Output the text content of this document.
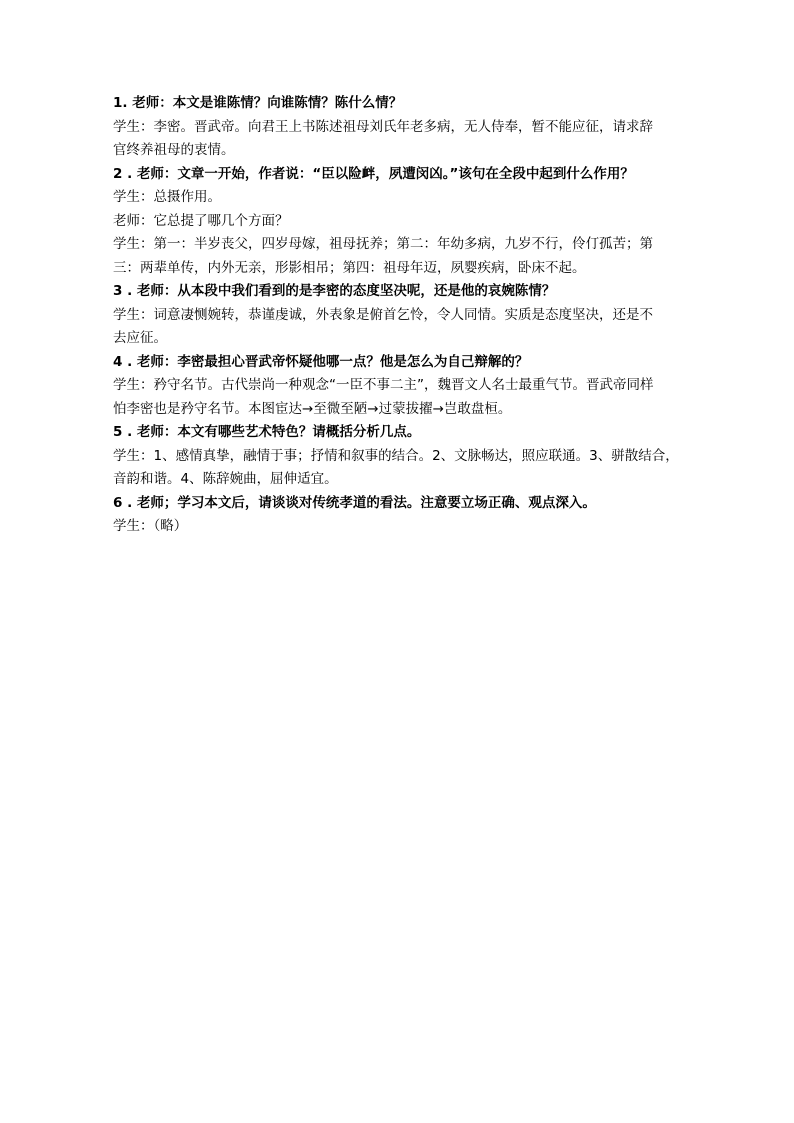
1. 老师：本文是谁陈情？向谁陈情？陈什么情？

学生：李密。晋武帝。向君王上书陈述祖母刘氏年老多病，无人侍奉，暂不能应征，请求辞

官终养祖母的衷情。

2 . 老师：文章一开始，作者说：“臣以险衅，夙遭闵凶。”该句在全段中起到什么作用？

学生：总摄作用。

老师：它总提了哪几个方面？

学生：第一：半岁丧父，四岁母嫁，祖母抚养；第二：年幼多病，九岁不行，伶仃孤苦；第

三：两辈单传，内外无亲，形影相吊；第四：祖母年迈，夙婴疾病，卧床不起。

3 . 老师：从本段中我们看到的是李密的态度坚决呢，还是他的哀婉陈情？

学生：词意凄恻婉转，恭谨虔诚，外表象是俯首乞怜，令人同情。实质是态度坚决，还是不

去应征。

4 . 老师：李密最担心晋武帝怀疑他哪一点？他是怎么为自己辩解的？

学生：矜守名节。古代崇尚一种观念“一臣不事二主”，魏晋文人名士最重气节。晋武帝同样

怕李密也是矜守名节。本图宦达→至微至陋→过蒙拔擢→岂敢盘桓。

5 . 老师：本文有哪些艺术特色？请概括分析几点。

学生：1、感情真挚，融情于事；抒情和叙事的结合。2、文脉畅达，照应联通。3、骈散结合，

音韵和谐。4、陈辞婉曲，屈伸适宜。

6 . 老师；学习本文后，请谈谈对传统孝道的看法。注意要立场正确、观点深入。

学生：（略）
